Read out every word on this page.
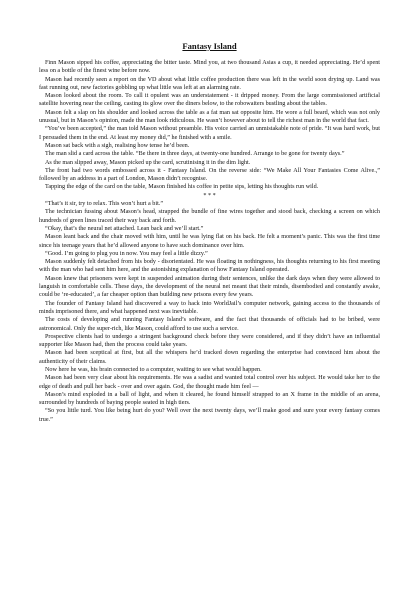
Fantasy Island

Finn Mason sipped his coffee, appreciating the bitter taste. Mind you, at two thousand Asias a cup, it needed appreciating. He’d spent less on a bottle of the finest wine before now.

Mason had recently seen a report on the VD about what little coffee production there was left in the world soon drying up. Land was fast running out, new factories gobbling up what little was left at an alarming rate.

Mason looked about the room. To call it opulent was an understatement - it dripped money. From the large commissioned artificial satellite hovering near the ceiling, casting its glow over the diners below, to the robowaiters bustling about the tables.

Mason felt a slap on his shoulder and looked across the table as a fat man sat opposite him. He wore a full beard, which was not only unusual, but in Mason’s opinion, made the man look ridiculous. He wasn’t however about to tell the richest man in the world that fact.

“You’ve been accepted,” the man told Mason without preamble. His voice carried an unmistakable note of pride. “It was hard work, but I persuaded them in the end. At least my money did,” he finished with a smile.

Mason sat back with a sigh, realising how tense he’d been.

The man slid a card across the table. “Be there in three days, at twenty-one hundred. Arrange to be gone for twenty days.”

As the man slipped away, Mason picked up the card, scrutinising it in the dim light.

The front had two words embossed across it - Fantasy Island. On the reverse side: “We Make All Your Fantasies Come Alive.,” followed by an address in a part of London, Mason didn’t recognise.

Tapping the edge of the card on the table, Mason finished his coffee in petite sips, letting his thoughts run wild.

* * *

“That’s it sir, try to relax. This won’t hurt a bit.”

The technician fussing about Mason’s head, strapped the bundle of fine wires together and stood back, checking a screen on which hundreds of green lines traced their way back and forth.

“Okay, that’s the neural net attached. Lean back and we’ll start.”

Mason leant back and the chair moved with him, until he was lying flat on his back. He felt a moment’s panic. This was the first time since his teenage years that he’d allowed anyone to have such dominance over him.

“Good. I’m going to plug you in now. You may feel a little dizzy.”

Mason suddenly felt detached from his body - disorientated. He was floating in nothingness, his thoughts returning to his first meeting with the man who had sent him here, and the astonishing explanation of how Fantasy Island operated.

Mason knew that prisoners were kept in suspended animation during their sentences, unlike the dark days when they were allowed to languish in comfortable cells. These days, the development of the neural net meant that their minds, disembodied and constantly awake, could be ‘re-educated’, a far cheaper option than building new prisons every few years.

The founder of Fantasy Island had discovered a way to hack into WorldJail’s computer network, gaining access to the thousands of minds imprisoned there, and what happened next was inevitable.

The costs of developing and running Fantasy Island’s software, and the fact that thousands of officials had to be bribed, were astronomical. Only the super-rich, like Mason, could afford to use such a service.

Prospective clients had to undergo a stringent background check before they were considered, and if they didn’t have an influential supporter like Mason had, then the process could take years.

Mason had been sceptical at first, but all the whispers he’d tracked down regarding the enterprise had convinced him about the authenticity of their claims.

Now here he was, his brain connected to a computer, waiting to see what would happen.

Mason had been very clear about his requirements. He was a sadist and wanted total control over his subject. He would take her to the edge of death and pull her back - over and over again. God, the thought made him feel —

Mason’s mind exploded in a ball of light, and when it cleared, he found himself strapped to an X frame in the middle of an arena, surrounded by hundreds of baying people seated in high tiers.

“So you little turd. You like being hurt do you? Well over the next twenty days, we’ll make good and sure your every fantasy comes true.”
